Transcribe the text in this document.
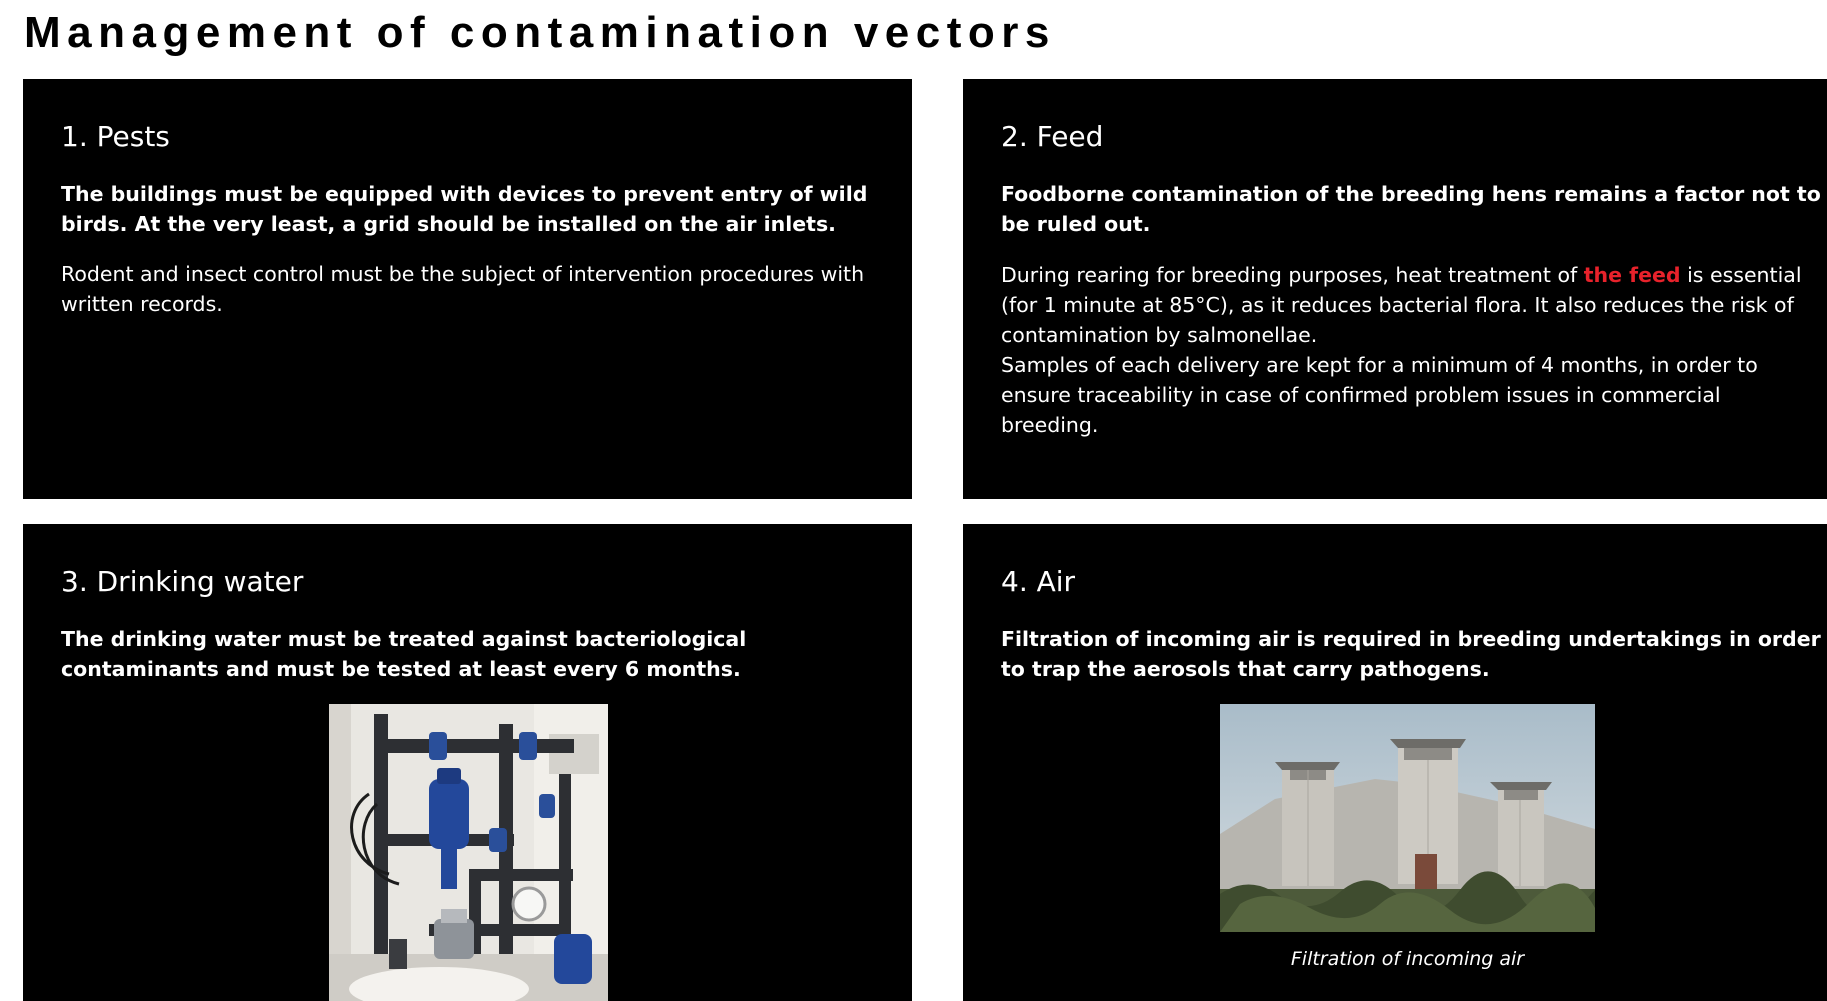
Management of contamination vectors
1. Pests

The buildings must be equipped with devices to prevent entry of wild birds. At the very least, a grid should be installed on the air inlets.

Rodent and insect control must be the subject of intervention procedures with written records.

2. Feed

Foodborne contamination of the breeding hens remains a factor not to be ruled out.

During rearing for breeding purposes, heat treatment of the feed is essential (for 1 minute at 85°C), as it reduces bacterial flora. It also reduces the risk of contamination by salmonellae.
Samples of each delivery are kept for a minimum of 4 months, in order to ensure traceability in case of confirmed problem issues in commercial breeding.

3. Drinking water

The drinking water must be treated against bacteriological contaminants and must be tested at least every 6 months.

4. Air

Filtration of incoming air is required in breeding undertakings in order to trap the aerosols that carry pathogens.

Filtration of incoming air
